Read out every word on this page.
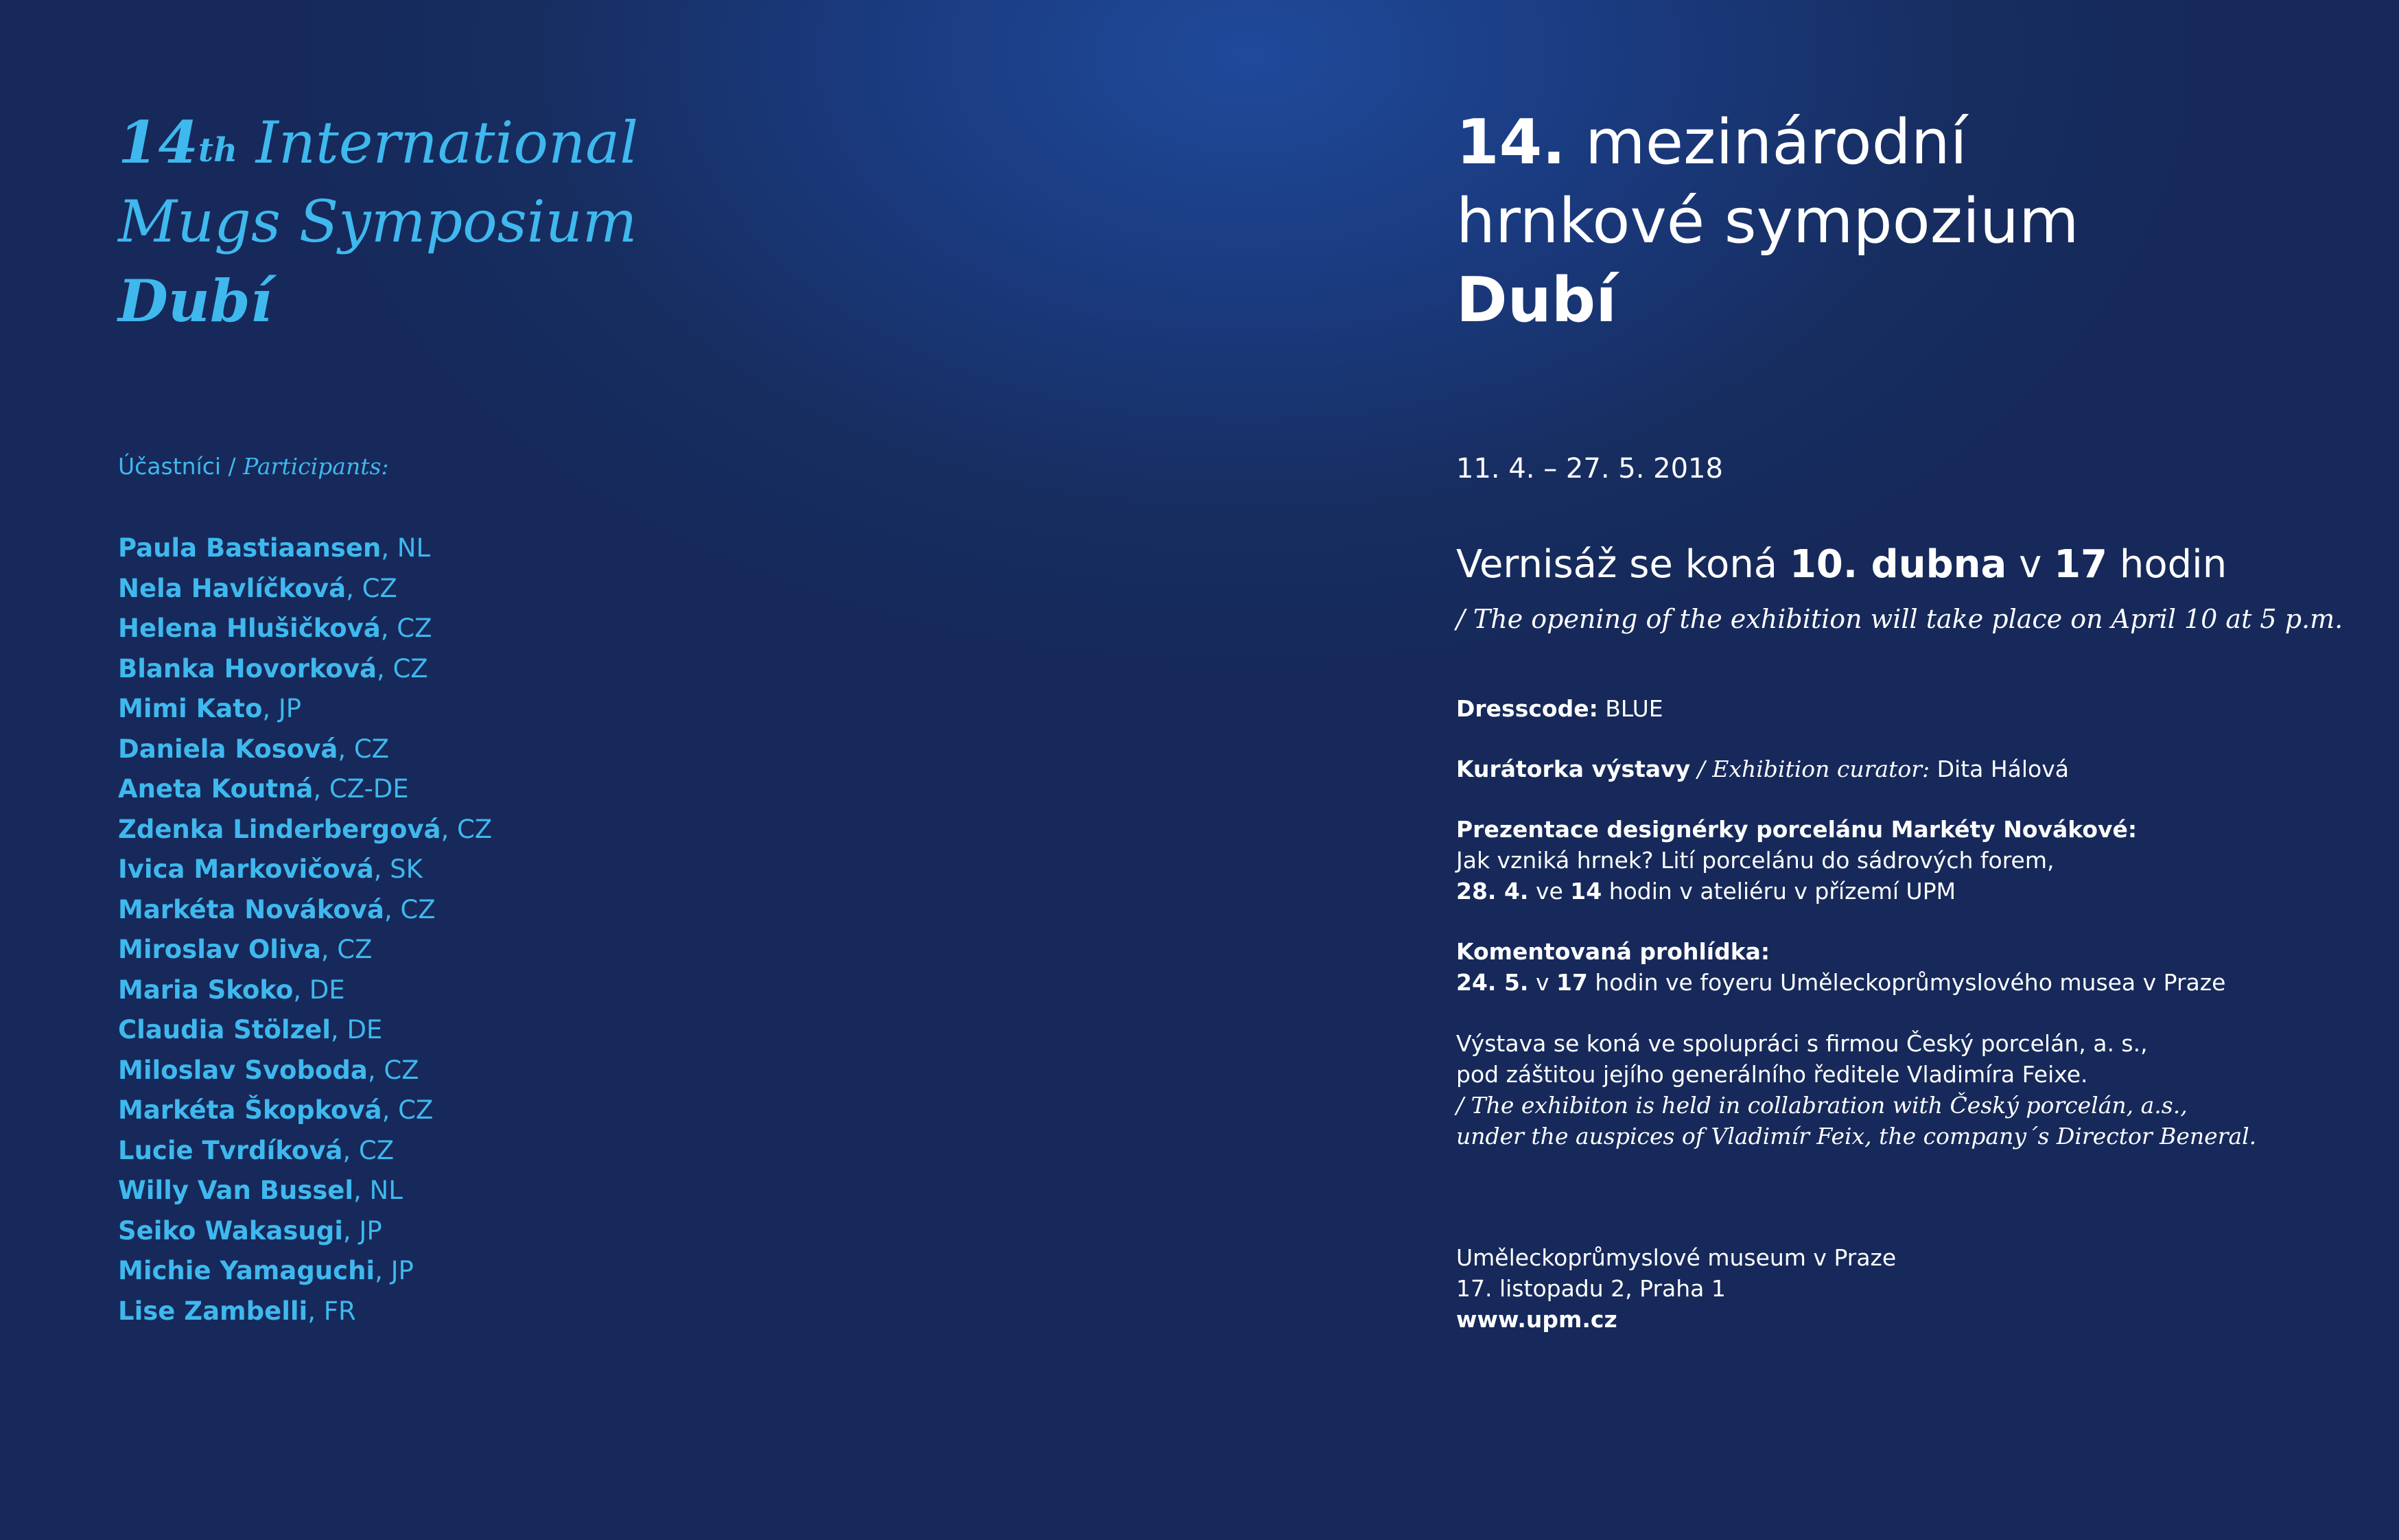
14th International
Mugs Symposium
Dubí
Účastníci / Participants:
Paula Bastiaansen, NL
Nela Havlíčková, CZ
Helena Hlušičková, CZ
Blanka Hovorková, CZ
Mimi Kato, JP
Daniela Kosová, CZ
Aneta Koutná, CZ-DE
Zdenka Linderbergová, CZ
Ivica Markovičová, SK
Markéta Nováková, CZ
Miroslav Oliva, CZ
Maria Skoko, DE
Claudia Stölzel, DE
Miloslav Svoboda, CZ
Markéta Škopková, CZ
Lucie Tvrdíková, CZ
Willy Van Bussel, NL
Seiko Wakasugi, JP
Michie Yamaguchi, JP
Lise Zambelli, FR
14. mezinárodní
hrnkové sympozium
Dubí
11. 4. – 27. 5. 2018
Vernisáž se koná 10. dubna v 17 hodin
/ The opening of the exhibition will take place on April 10 at 5 p.m.
Dresscode: BLUE
Kurátorka výstavy / Exhibition curator: Dita Hálová
Prezentace designérky porcelánu Markéty Novákové:
Jak vzniká hrnek? Lití porcelánu do sádrových forem,
28. 4. ve 14 hodin v ateliéru v přízemí UPM
Komentovaná prohlídka:
24. 5. v 17 hodin ve foyeru Uměleckoprůmyslového musea v Praze
Výstava se koná ve spolupráci s firmou Český porcelán, a. s.,
pod záštitou jejího generálního ředitele Vladimíra Feixe.
/ The exhibiton is held in collabration with Český porcelán, a.s.,
under the auspices of Vladimír Feix, the company´s Director Beneral.
Uměleckoprůmyslové museum v Praze
17. listopadu 2, Praha 1
www.upm.cz
